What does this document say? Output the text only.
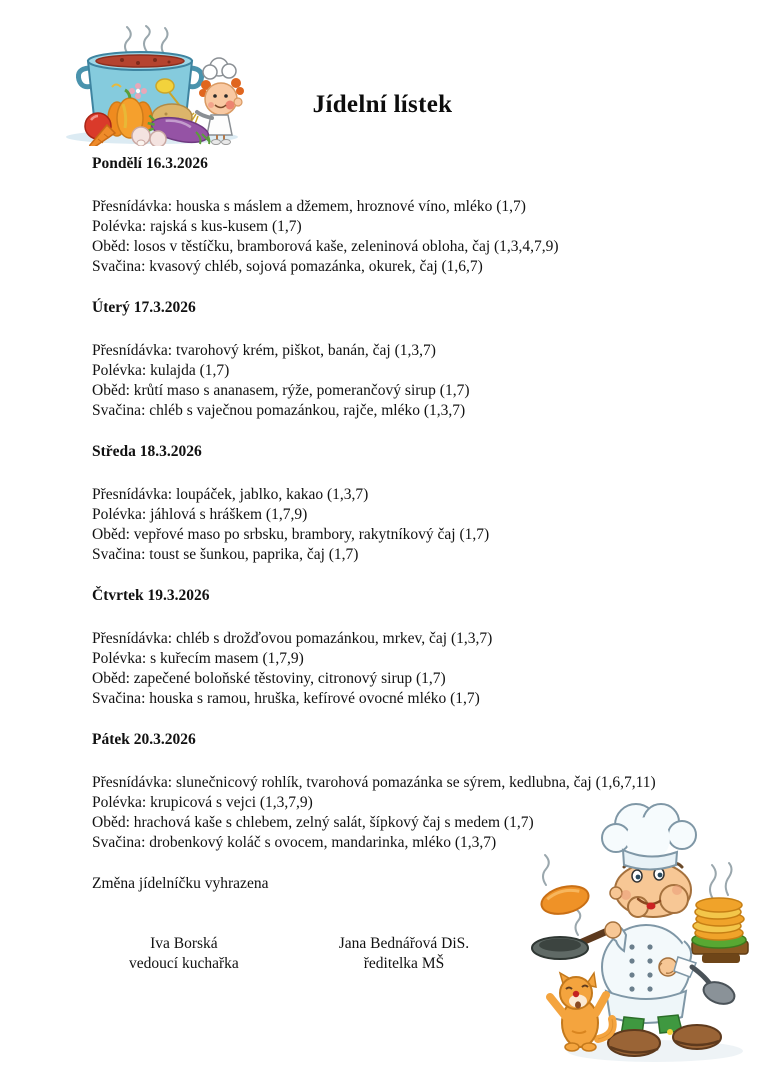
Jídelní lístek

Pondělí 16.3.2026

Přesnídávka: houska s máslem a džemem, hroznové víno, mléko (1,7)

Polévka: rajská s kus-kusem (1,7)

Oběd: losos v těstíčku, bramborová kaše, zeleninová obloha, čaj (1,3,4,7,9)

Svačina: kvasový chléb, sojová pomazánka, okurek, čaj (1,6,7)

Úterý 17.3.2026

Přesnídávka: tvarohový krém, piškot, banán, čaj (1,3,7)

Polévka: kulajda (1,7)

Oběd: krůtí maso s ananasem, rýže, pomerančový sirup (1,7)

Svačina: chléb s vaječnou pomazánkou, rajče, mléko (1,3,7)

Středa 18.3.2026

Přesnídávka: loupáček, jablko, kakao (1,3,7)

Polévka: jáhlová s hráškem (1,7,9)

Oběd: vepřové maso po srbsku, brambory, rakytníkový čaj (1,7)

Svačina: toust se šunkou, paprika, čaj (1,7)

Čtvrtek 19.3.2026

Přesnídávka: chléb s drožďovou pomazánkou, mrkev, čaj (1,3,7)

Polévka: s kuřecím masem (1,7,9)

Oběd: zapečené boloňské těstoviny, citronový sirup (1,7)

Svačina: houska s ramou, hruška, kefírové ovocné mléko (1,7)

Pátek 20.3.2026

Přesnídávka: slunečnicový rohlík, tvarohová pomazánka se sýrem, kedlubna, čaj (1,6,7,11)

Polévka: krupicová s vejci (1,3,7,9)

Oběd: hrachová kaše s chlebem, zelný salát, šípkový čaj s medem (1,7)

Svačina: drobenkový koláč s ovocem, mandarinka, mléko (1,3,7)

Změna jídelníčku vyhrazena

Iva Borská

vedoucí kuchařka

Jana Bednářová DiS.

ředitelka MŠ
